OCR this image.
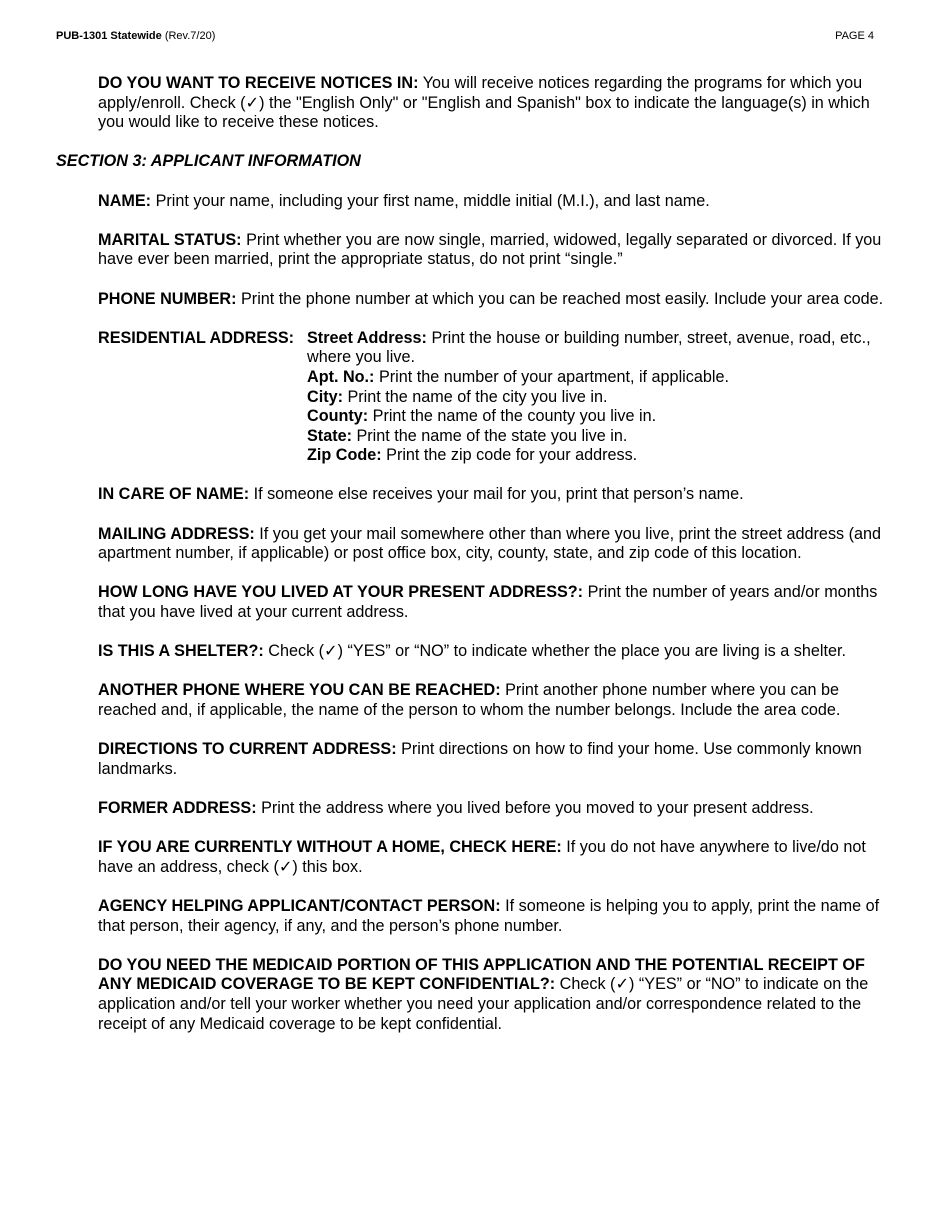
PUB-1301 Statewide (Rev.7/20)	PAGE 4

DO YOU WANT TO RECEIVE NOTICES IN: You will receive notices regarding the programs for which you apply/enroll. Check (✓) the "English Only" or "English and Spanish" box to indicate the language(s) in which you would like to receive these notices.

SECTION 3: APPLICANT INFORMATION

NAME: Print your name, including your first name, middle initial (M.I.), and last name.

MARITAL STATUS: Print whether you are now single, married, widowed, legally separated or divorced. If you have ever been married, print the appropriate status, do not print “single.”

PHONE NUMBER: Print the phone number at which you can be reached most easily. Include your area code.

RESIDENTIAL ADDRESS: Street Address: Print the house or building number, street, avenue, road, etc., where you live.
Apt. No.: Print the number of your apartment, if applicable.
City: Print the name of the city you live in.
County: Print the name of the county you live in.
State: Print the name of the state you live in.
Zip Code: Print the zip code for your address.

IN CARE OF NAME: If someone else receives your mail for you, print that person’s name.

MAILING ADDRESS: If you get your mail somewhere other than where you live, print the street address (and apartment number, if applicable) or post office box, city, county, state, and zip code of this location.

HOW LONG HAVE YOU LIVED AT YOUR PRESENT ADDRESS?: Print the number of years and/or months that you have lived at your current address.

IS THIS A SHELTER?: Check (✓) “YES” or “NO” to indicate whether the place you are living is a shelter.

ANOTHER PHONE WHERE YOU CAN BE REACHED: Print another phone number where you can be reached and, if applicable, the name of the person to whom the number belongs. Include the area code.

DIRECTIONS TO CURRENT ADDRESS: Print directions on how to find your home. Use commonly known landmarks.

FORMER ADDRESS: Print the address where you lived before you moved to your present address.

IF YOU ARE CURRENTLY WITHOUT A HOME, CHECK HERE: If you do not have anywhere to live/do not have an address, check (✓) this box.

AGENCY HELPING APPLICANT/CONTACT PERSON: If someone is helping you to apply, print the name of that person, their agency, if any, and the person’s phone number.

DO YOU NEED THE MEDICAID PORTION OF THIS APPLICATION AND THE POTENTIAL RECEIPT OF ANY MEDICAID COVERAGE TO BE KEPT CONFIDENTIAL?: Check (✓) “YES” or “NO” to indicate on the application and/or tell your worker whether you need your application and/or correspondence related to the receipt of any Medicaid coverage to be kept confidential.
